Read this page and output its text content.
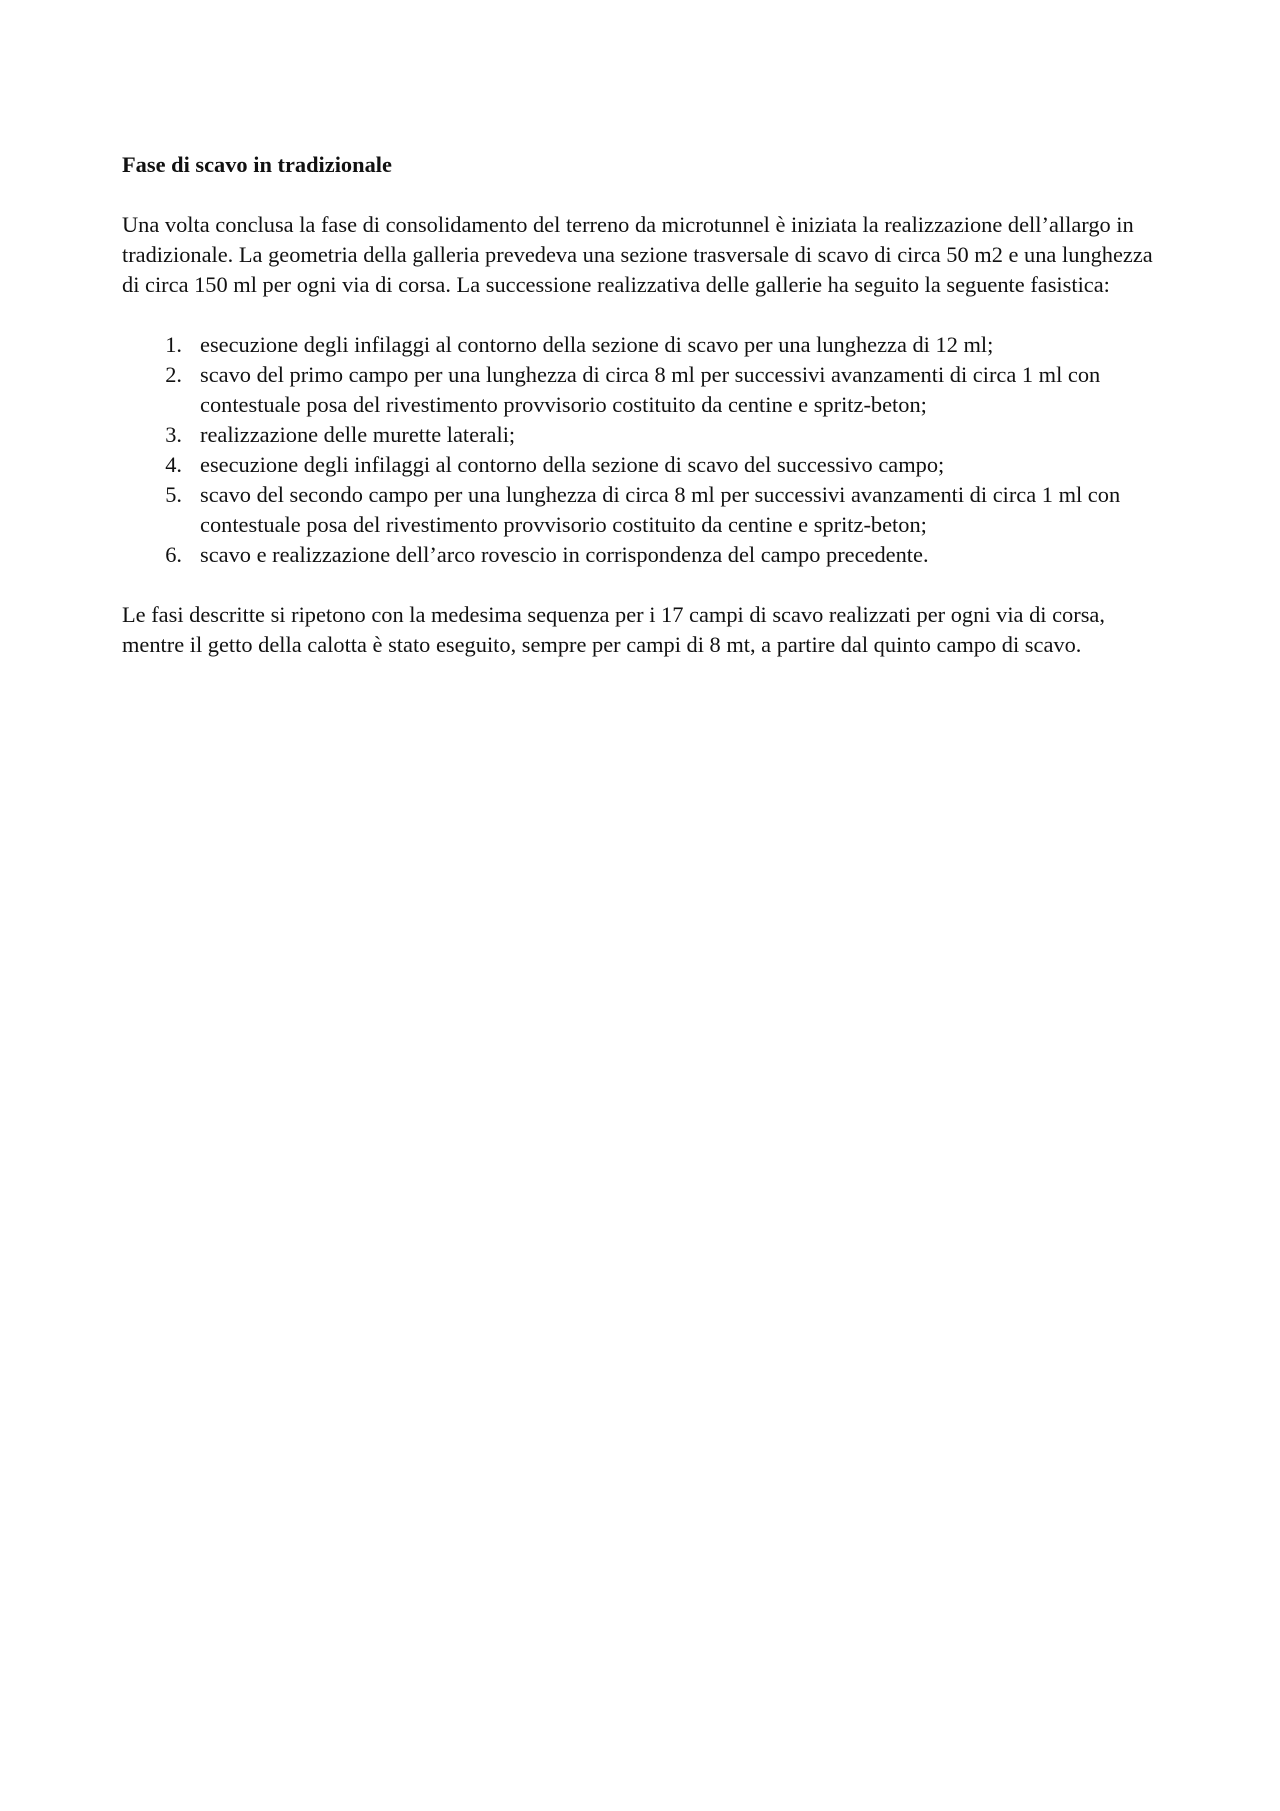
Fase di scavo in tradizionale

Una volta conclusa la fase di consolidamento del terreno da microtunnel è iniziata la realizzazione dell’allargo in tradizionale. La geometria della galleria prevedeva una sezione trasversale di scavo di circa 50 m2 e una lunghezza di circa 150 ml per ogni via di corsa. La successione realizzativa delle gallerie ha seguito la seguente fasistica:

1. esecuzione degli infilaggi al contorno della sezione di scavo per una lunghezza di 12 ml;
2. scavo del primo campo per una lunghezza di circa 8 ml per successivi avanzamenti di circa 1 ml con contestuale posa del rivestimento provvisorio costituito da centine e spritz-beton;
3. realizzazione delle murette laterali;
4. esecuzione degli infilaggi al contorno della sezione di scavo del successivo campo;
5. scavo del secondo campo per una lunghezza di circa 8 ml per successivi avanzamenti di circa 1 ml con contestuale posa del rivestimento provvisorio costituito da centine e spritz-beton;
6. scavo e realizzazione dell’arco rovescio in corrispondenza del campo precedente.

Le fasi descritte si ripetono con la medesima sequenza per i 17 campi di scavo realizzati per ogni via di corsa, mentre il getto della calotta è stato eseguito, sempre per campi di 8 mt, a partire dal quinto campo di scavo.
